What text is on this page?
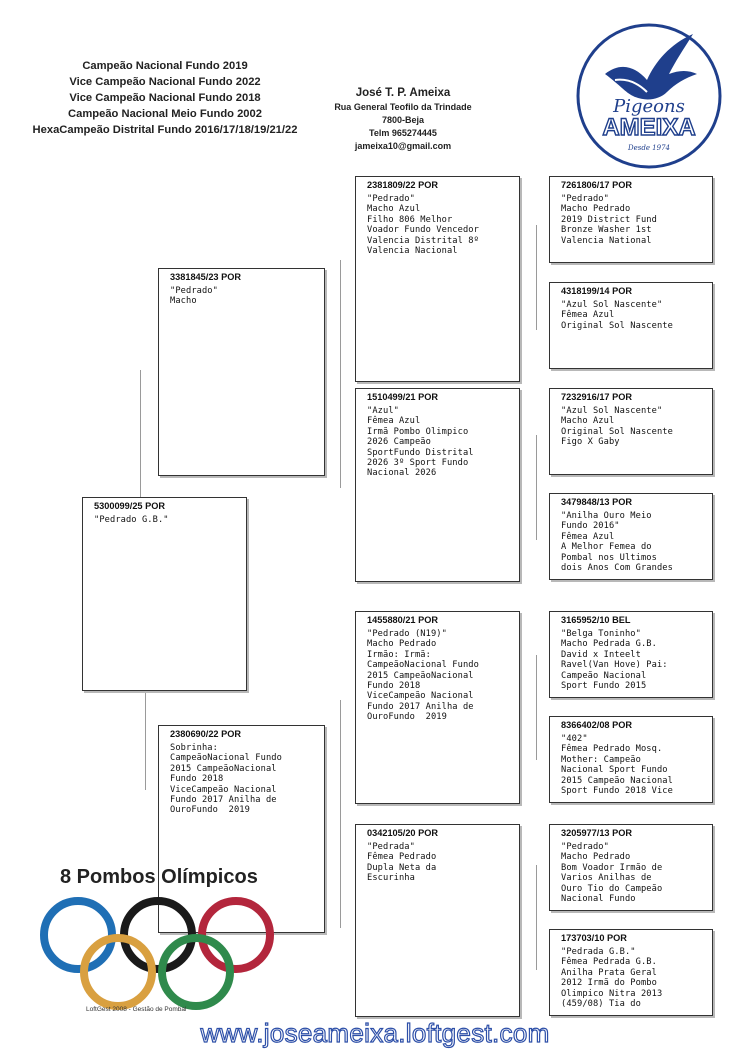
Campeão Nacional Fundo 2019
Vice Campeão Nacional Fundo 2022
Vice Campeão Nacional Fundo 2018
Campeão Nacional Meio Fundo 2002
HexaCampeão Distrital Fundo 2016/17/18/19/21/22
José T. P. Ameixa
Rua General Teofilo da Trindade
7800-Beja
Telm 965274445
jameixa10@gmail.com
Pigeons
AMEIXA
Desde 1974
5300099/25 POR
"Pedrado G.B."
3381845/23 POR
"Pedrado"
Macho
2380690/22 POR
Sobrinha:
CampeãoNacional Fundo
2015 CampeãoNacional
Fundo 2018
ViceCampeão Nacional
Fundo 2017 Anilha de
OuroFundo  2019
2381809/22 POR
"Pedrado"
Macho Azul
Filho 806 Melhor
Voador Fundo Vencedor
Valencia Distrital 8º
Valencia Nacional
1510499/21 POR
"Azul"
Fêmea Azul
Irmã Pombo Olimpico
2026 Campeão
SportFundo Distrital
2026 3º Sport Fundo
Nacional 2026
1455880/21 POR
"Pedrado (N19)"
Macho Pedrado
Irmão: Irmã:
CampeãoNacional Fundo
2015 CampeãoNacional
Fundo 2018
ViceCampeão Nacional
Fundo 2017 Anilha de
OuroFundo  2019
0342105/20 POR
"Pedrada"
Fêmea Pedrado
Dupla Neta da
Escurinha
7261806/17 POR
"Pedrado"
Macho Pedrado
2019 District Fund
Bronze Washer 1st
Valencia National
4318199/14 POR
"Azul Sol Nascente"
Fêmea Azul
Original Sol Nascente
7232916/17 POR
"Azul Sol Nascente"
Macho Azul
Original Sol Nascente
Figo X Gaby
3479848/13 POR
"Anilha Ouro Meio
Fundo 2016"
Fêmea Azul
A Melhor Femea do
Pombal nos Ultimos
dois Anos Com Grandes
3165952/10 BEL
"Belga Toninho"
Macho Pedrada G.B.
David x Inteelt
Ravel(Van Hove) Pai:
Campeão Nacional
Sport Fundo 2015
8366402/08 POR
"402"
Fêmea Pedrado Mosq.
Mother: Campeão
Nacional Sport Fundo
2015 Campeão Nacional
Sport Fundo 2018 Vice
3205977/13 POR
"Pedrado"
Macho Pedrado
Bom Voador Irmão de
Varios Anilhas de
Ouro Tio do Campeão
Nacional Fundo
173703/10 POR
"Pedrada G.B."
Fêmea Pedrada G.B.
Anilha Prata Geral
2012 Irmã do Pombo
Olimpico Nitra 2013
(459/08) Tia do
8 Pombos Olímpicos
LoftGest 2008 - Gestão de Pombal
www.joseameixa.loftgest.com
